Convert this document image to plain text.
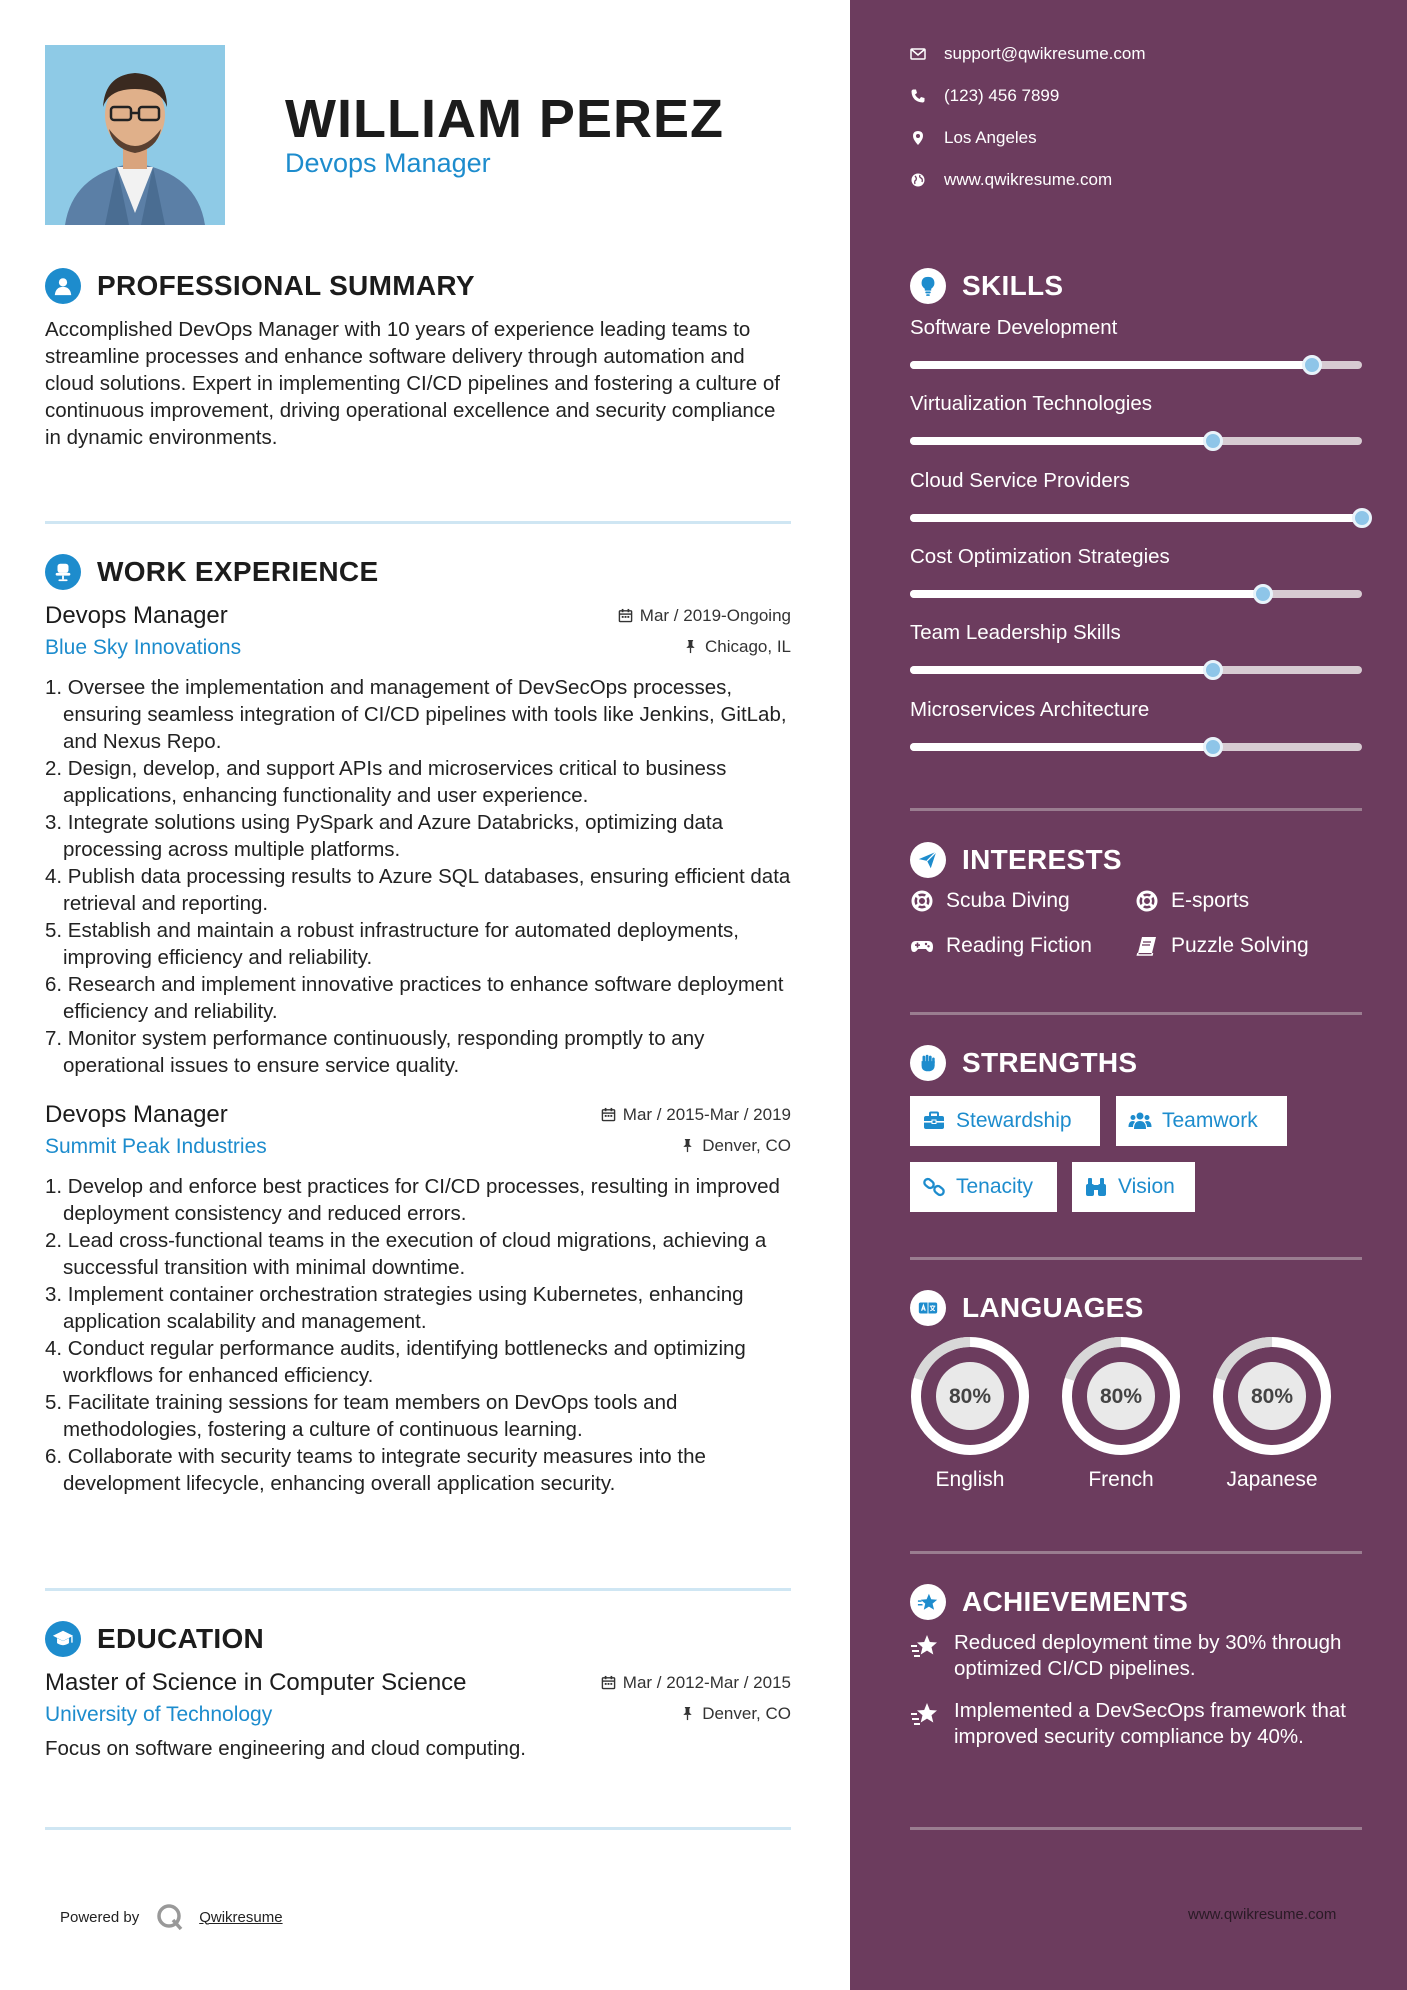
WILLIAM PEREZ
Devops Manager
PROFESSIONAL SUMMARY
Accomplished DevOps Manager with 10 years of experience leading teams to streamline processes and enhance software delivery through automation and cloud solutions. Expert in implementing CI/CD pipelines and fostering a culture of continuous improvement, driving operational excellence and security compliance in dynamic environments.
WORK EXPERIENCE
Devops Manager	Mar / 2019-Ongoing
Blue Sky Innovations	Chicago, IL
1. Oversee the implementation and management of DevSecOps processes, ensuring seamless integration of CI/CD pipelines with tools like Jenkins, GitLab, and Nexus Repo.
2. Design, develop, and support APIs and microservices critical to business applications, enhancing functionality and user experience.
3. Integrate solutions using PySpark and Azure Databricks, optimizing data processing across multiple platforms.
4. Publish data processing results to Azure SQL databases, ensuring efficient data retrieval and reporting.
5. Establish and maintain a robust infrastructure for automated deployments, improving efficiency and reliability.
6. Research and implement innovative practices to enhance software deployment efficiency and reliability.
7. Monitor system performance continuously, responding promptly to any operational issues to ensure service quality.
Devops Manager	Mar / 2015-Mar / 2019
Summit Peak Industries	Denver, CO
1. Develop and enforce best practices for CI/CD processes, resulting in improved deployment consistency and reduced errors.
2. Lead cross-functional teams in the execution of cloud migrations, achieving a successful transition with minimal downtime.
3. Implement container orchestration strategies using Kubernetes, enhancing application scalability and management.
4. Conduct regular performance audits, identifying bottlenecks and optimizing workflows for enhanced efficiency.
5. Facilitate training sessions for team members on DevOps tools and methodologies, fostering a culture of continuous learning.
6. Collaborate with security teams to integrate security measures into the development lifecycle, enhancing overall application security.
EDUCATION
Master of Science in Computer Science	Mar / 2012-Mar / 2015
University of Technology	Denver, CO
Focus on software engineering and cloud computing.
Powered by	Qwikresume
support@qwikresume.com
(123) 456 7899
Los Angeles
www.qwikresume.com
SKILLS
Software Development
Virtualization Technologies
Cloud Service Providers
Cost Optimization Strategies
Team Leadership Skills
Microservices Architecture
INTERESTS
Scuba Diving	E-sports
Reading Fiction	Puzzle Solving
STRENGTHS
Stewardship	Teamwork
Tenacity	Vision
LANGUAGES
80%
English
80%
French
80%
Japanese
ACHIEVEMENTS
Reduced deployment time by 30% through optimized CI/CD pipelines.
Implemented a DevSecOps framework that improved security compliance by 40%.
www.qwikresume.com
